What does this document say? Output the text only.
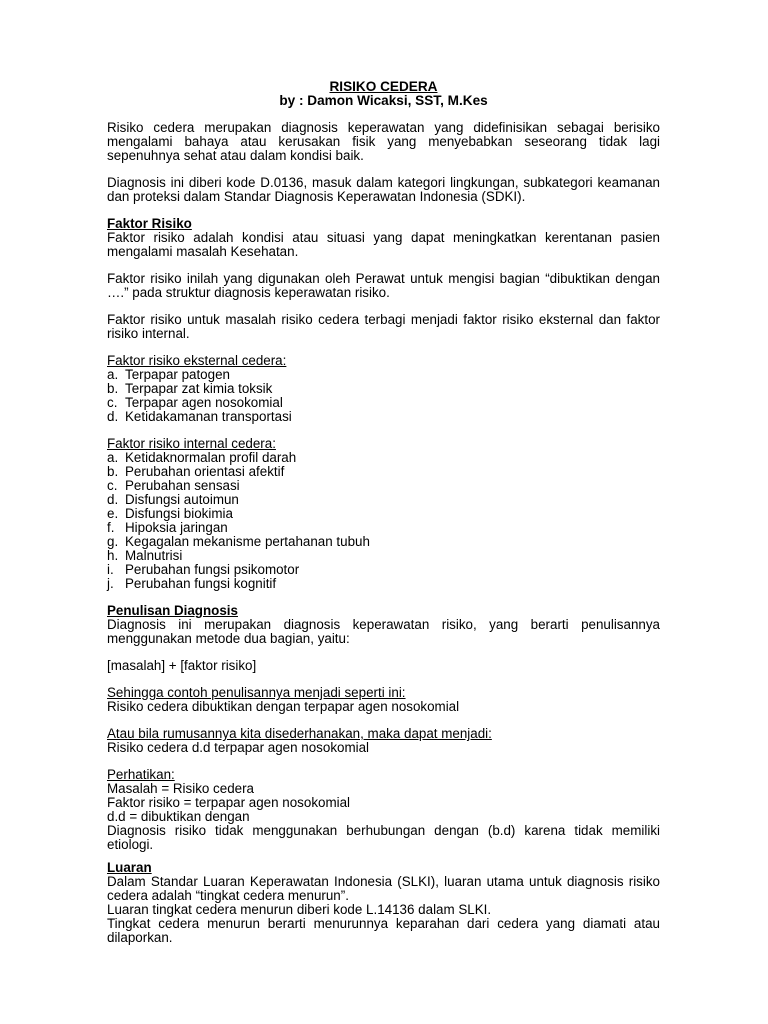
RISIKO CEDERA
by : Damon Wicaksi, SST, M.Kes
Risiko cedera merupakan diagnosis keperawatan yang didefinisikan sebagai berisiko mengalami bahaya atau kerusakan fisik yang menyebabkan seseorang tidak lagi sepenuhnya sehat atau dalam kondisi baik.
Diagnosis ini diberi kode D.0136, masuk dalam kategori lingkungan, subkategori keamanan dan proteksi dalam Standar Diagnosis Keperawatan Indonesia (SDKI).
Faktor Risiko
Faktor risiko adalah kondisi atau situasi yang dapat meningkatkan kerentanan pasien mengalami masalah Kesehatan.
Faktor risiko inilah yang digunakan oleh Perawat untuk mengisi bagian “dibuktikan dengan ….” pada struktur diagnosis keperawatan risiko.
Faktor risiko untuk masalah risiko cedera terbagi menjadi faktor risiko eksternal dan faktor risiko internal.
Faktor risiko eksternal cedera:
a. Terpapar patogen
b. Terpapar zat kimia toksik
c. Terpapar agen nosokomial
d. Ketidakamanan transportasi
Faktor risiko internal cedera:
a. Ketidaknormalan profil darah
b. Perubahan orientasi afektif
c. Perubahan sensasi
d. Disfungsi autoimun
e. Disfungsi biokimia
f. Hipoksia jaringan
g. Kegagalan mekanisme pertahanan tubuh
h. Malnutrisi
i. Perubahan fungsi psikomotor
j. Perubahan fungsi kognitif
Penulisan Diagnosis
Diagnosis ini merupakan diagnosis keperawatan risiko, yang berarti penulisannya menggunakan metode dua bagian, yaitu:
[masalah] + [faktor risiko]
Sehingga contoh penulisannya menjadi seperti ini:
Risiko cedera dibuktikan dengan terpapar agen nosokomial
Atau bila rumusannya kita disederhanakan, maka dapat menjadi:
Risiko cedera d.d terpapar agen nosokomial
Perhatikan:
Masalah = Risiko cedera
Faktor risiko = terpapar agen nosokomial
d.d = dibuktikan dengan
Diagnosis risiko tidak menggunakan berhubungan dengan (b.d) karena tidak memiliki etiologi.
Luaran
Dalam Standar Luaran Keperawatan Indonesia (SLKI), luaran utama untuk diagnosis risiko cedera adalah “tingkat cedera menurun”.
Luaran tingkat cedera menurun diberi kode L.14136 dalam SLKI.
Tingkat cedera menurun berarti menurunnya keparahan dari cedera yang diamati atau dilaporkan.
